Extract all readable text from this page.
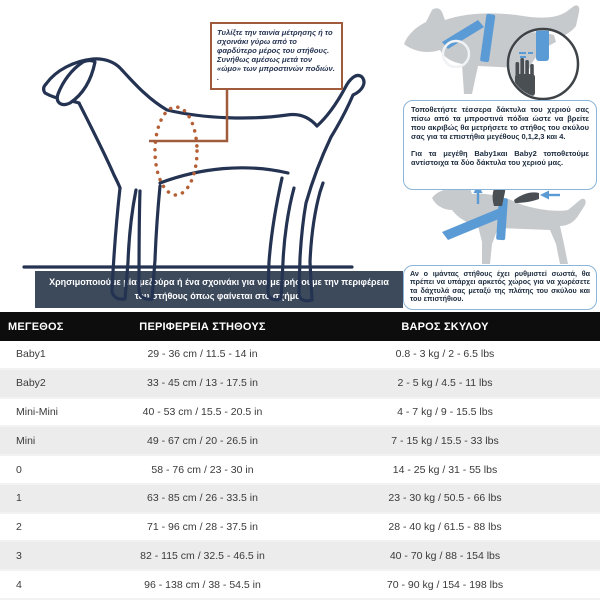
Χρησιμοποιούμε μία μεζούρα ή ένα σχοινάκι για να μετρήσουμε την περιφέρεια του στήθους όπως φαίνεται στο σχήμα.
Τυλίξτε την ταινία μέτρησης ή το σχοινάκι γύρω από το φαρδύτερο μέρος του στήθους. Συνήθως αμέσως μετά τον «ώμο» των μπροστινών ποδιών. .

Τοποθετήστε τέσσερα δάκτυλα του χεριού σας πίσω από τα μπροστινά πόδια ώστε να βρείτε που ακριβώς θα μετρήσετε το στήθος του σκύλου σας για τα επιστήθια μεγέθους 0,1,2,3 και 4.

Για τα μεγέθη Baby1και Baby2 τοποθετούμε αντίστοιχα τα δύο δάκτυλα του χεριού μας.

Αν ο ιμάντας στήθους έχει ρυθμιστεί σωστά, θα πρέπει να υπάρχει αρκετός χώρος για να χωρέσετε τα δάχτυλά σας μεταξύ της πλάτης του σκύλου και του επιστήθιου.

ΜΕΓΕΘΟΣ	ΠΕΡΙΦΕΡΕΙΑ ΣΤΗΘΟΥΣ	ΒΑΡΟΣ ΣΚΥΛΟΥ
Baby1	29 - 36 cm / 11.5 - 14 in	0.8 - 3 kg / 2 - 6.5 lbs
Baby2	33 - 45 cm / 13 - 17.5 in	2 - 5 kg / 4.5 - 11 lbs
Mini-Mini	40 - 53 cm / 15.5 - 20.5 in	4 - 7 kg / 9 - 15.5 lbs
Mini	49 - 67 cm / 20 - 26.5 in	7 - 15 kg / 15.5 - 33 lbs
0	58 - 76 cm / 23 - 30 in	14 - 25 kg / 31 - 55 lbs
1	63 - 85 cm / 26 - 33.5 in	23 - 30 kg / 50.5 - 66 lbs
2	71 - 96 cm / 28 - 37.5 in	28 - 40 kg / 61.5 - 88 lbs
3	82 - 115 cm / 32.5 - 46.5 in	40 - 70 kg / 88 - 154 lbs
4	96 - 138 cm / 38 - 54.5 in	70 - 90 kg / 154 - 198 lbs
